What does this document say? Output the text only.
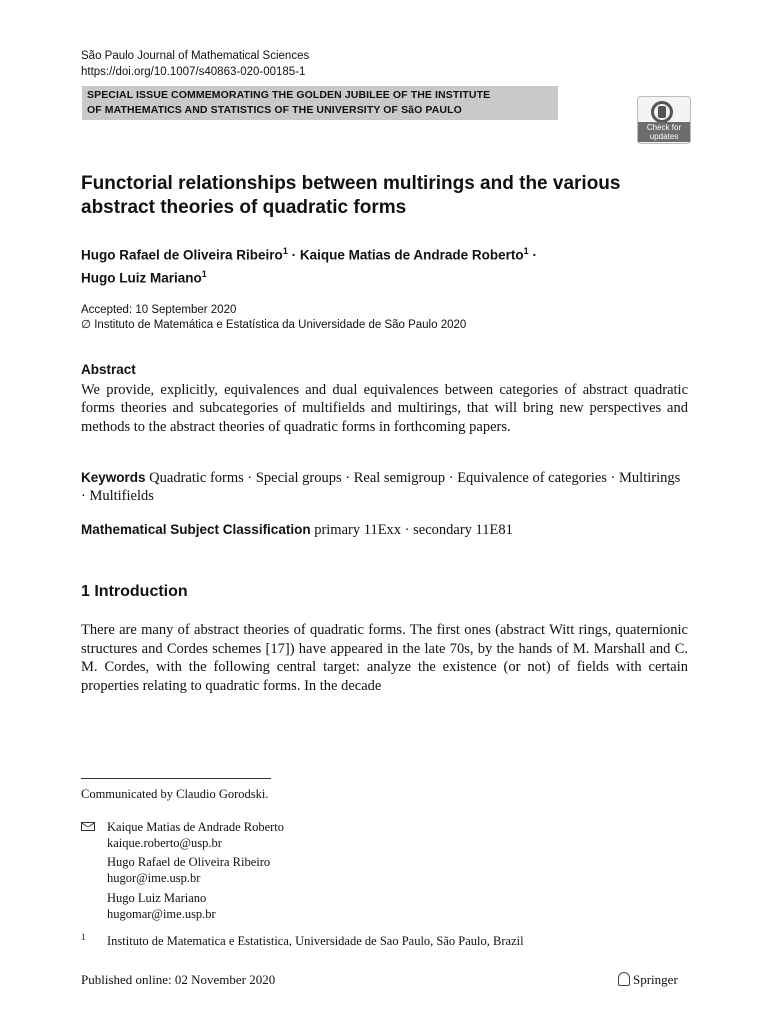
São Paulo Journal of Mathematical Sciences
https://doi.org/10.1007/s40863-020-00185-1
SPECIAL ISSUE COMMEMORATING THE GOLDEN JUBILEE OF THE INSTITUTE
OF MATHEMATICS AND STATISTICS OF THE UNIVERSITY OF SãO PAULO
Check for
updates
Functorial relationships between multirings and the various
abstract theories of quadratic forms
Hugo Rafael de Oliveira Ribeiro$^1$ · Kaique Matias de Andrade Roberto$^1$ ·
Hugo Luiz Mariano$^1$
Accepted: 10 September 2020
∅ Instituto de Matemática e Estatística da Universidade de São Paulo 2020
Abstract
We provide, explicitly, equivalences and dual equivalences between categories of abstract quadratic forms theories and subcategories of multifields and multirings, that will bring new perspectives and methods to the abstract theories of quadratic forms in forthcoming papers.
Keywords Quadratic forms · Special groups · Real semigroup · Equivalence of categories · Multirings · Multifields
Mathematical Subject Classification primary 11Exx · secondary 11E81
1 Introduction
There are many of abstract theories of quadratic forms. The first ones (abstract Witt rings, quaternionic structures and Cordes schemes [17]) have appeared in the late 70s, by the hands of M. Marshall and C. M. Cordes, with the following central target: analyze the existence (or not) of fields with certain properties relating to quadratic forms. In the decade
Communicated by Claudio Gorodski.
Kaique Matias de Andrade Roberto
kaique.roberto@usp.br
Hugo Rafael de Oliveira Ribeiro
hugor@ime.usp.br
Hugo Luiz Mariano
hugomar@ime.usp.br
1 Instituto de Matematica e Estatistica, Universidade de Sao Paulo, São Paulo, Brazil
Published online: 02 November 2020	Springer
